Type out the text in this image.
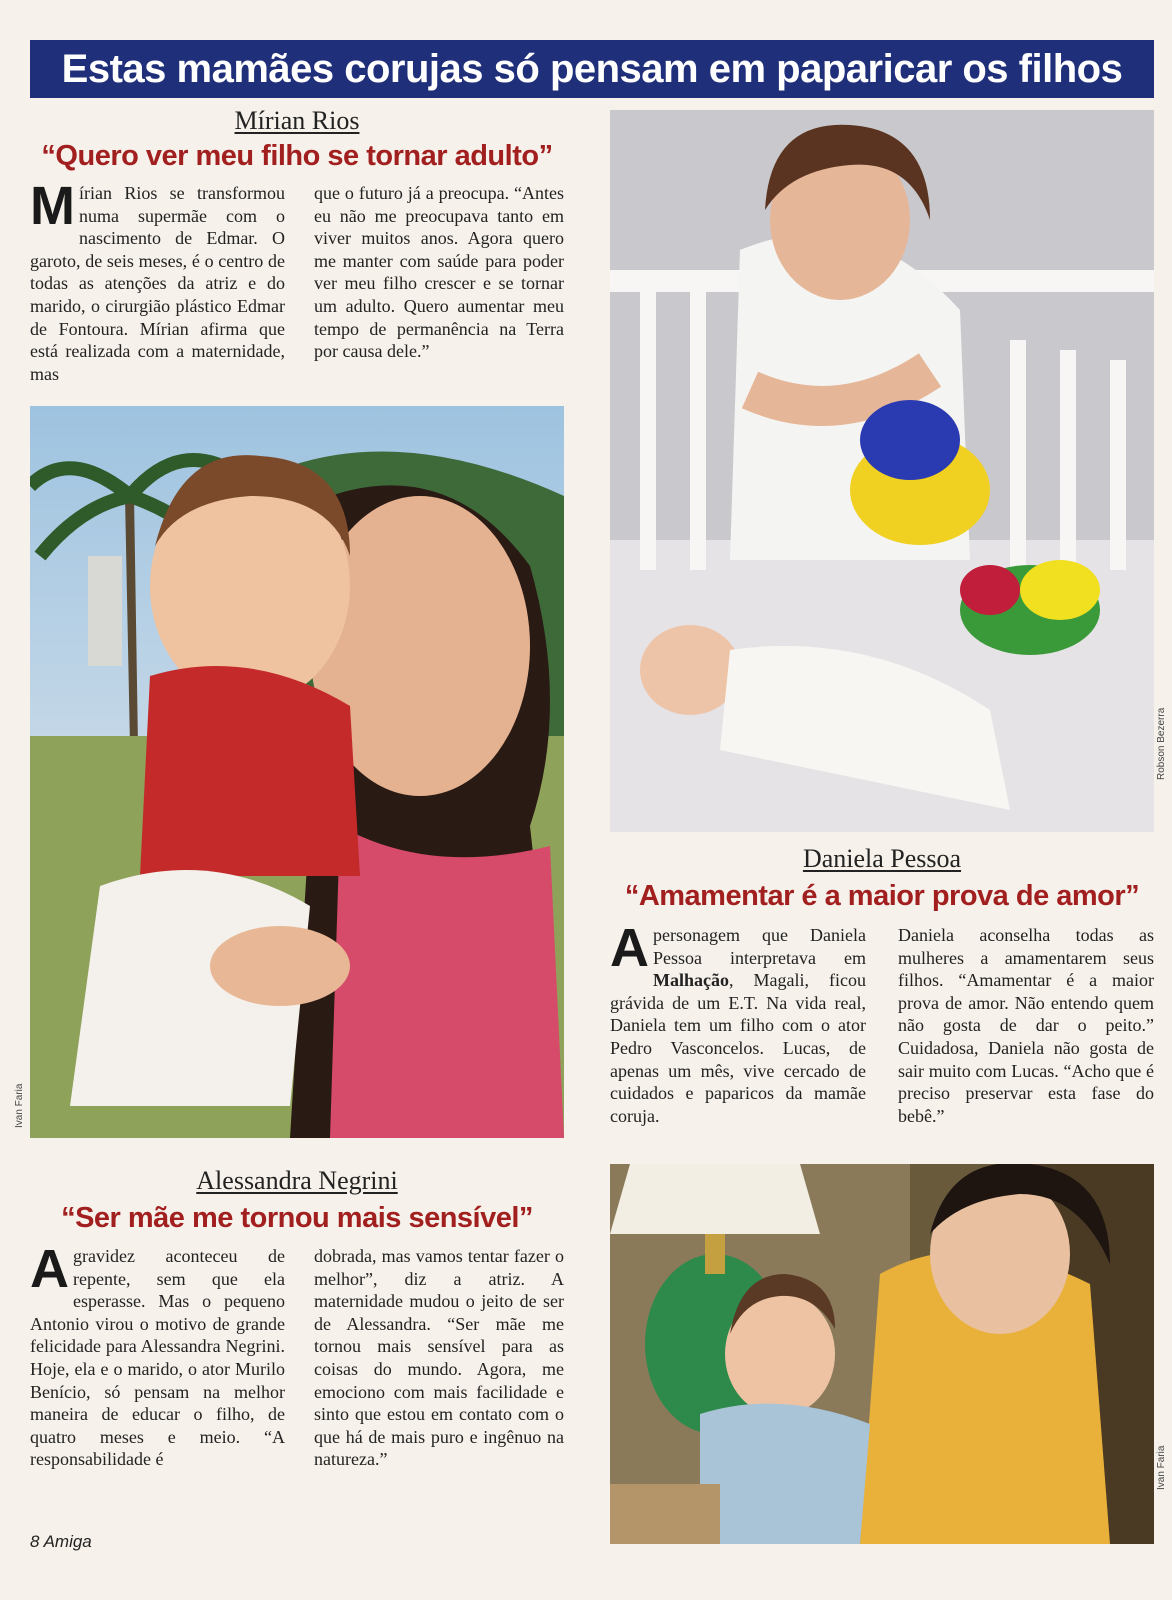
Estas mamães corujas só pensam em paparicar os filhos
Mírian Rios
“Quero ver meu filho se tornar adulto”
Mírian Rios se transformou numa supermãe com o nascimento de Edmar. O garoto, de seis meses, é o centro de todas as atenções da atriz e do marido, o cirurgião plástico Edmar de Fontoura. Mírian afirma que está realizada com a maternidade, mas
que o futuro já a preocupa. “Antes eu não me preocupava tanto em viver muitos anos. Agora quero me manter com saúde para poder ver meu filho crescer e se tornar um adulto. Quero aumentar meu tempo de permanência na Terra por causa dele.”
Ivan Faria
Robson Bezerra
Daniela Pessoa
“Amamentar é a maior prova de amor”
A personagem que Daniela Pessoa interpretava em Malhação, Magali, ficou grávida de um E.T. Na vida real, Daniela tem um filho com o ator Pedro Vasconcelos. Lucas, de apenas um mês, vive cercado de cuidados e paparicos da mamãe coruja.
Daniela aconselha todas as mulheres a amamentarem seus filhos. “Amamentar é a maior prova de amor. Não entendo quem não gosta de dar o peito.” Cuidadosa, Daniela não gosta de sair muito com Lucas. “Acho que é preciso preservar esta fase do bebê.”
Alessandra Negrini
“Ser mãe me tornou mais sensível”
A gravidez aconteceu de repente, sem que ela esperasse. Mas o pequeno Antonio virou o motivo de grande felicidade para Alessandra Negrini. Hoje, ela e o marido, o ator Murilo Benício, só pensam na melhor maneira de educar o filho, de quatro meses e meio. “A responsabilidade é
dobrada, mas vamos tentar fazer o melhor”, diz a atriz. A maternidade mudou o jeito de ser de Alessandra. “Ser mãe me tornou mais sensível para as coisas do mundo. Agora, me emociono com mais facilidade e sinto que estou em contato com o que há de mais puro e ingênuo na natureza.”	Ivan Faria
8 Amiga
